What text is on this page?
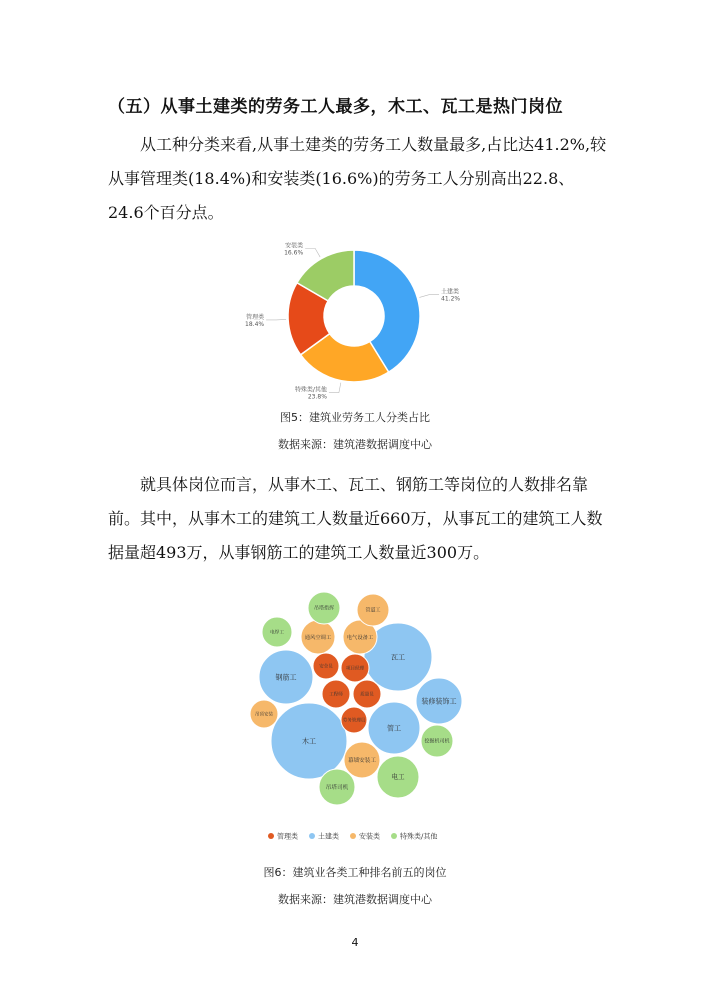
（五）从事土建类的劳务工人最多，木工、瓦工是热门岗位

从工种分类来看,从事土建类的劳务工人数量最多,占比达41.2%,较从事管理类(18.4%)和安装类(16.6%)的劳务工人分别高出22.8、24.6个百分点。

土建类
41.2%
特殊类/其他
23.8%
管理类
18.4%
安装类
16.6%
图5：建筑业劳务工人分类占比
数据来源：建筑港数据调度中心

就具体岗位而言，从事木工、瓦工、钢筋工等岗位的人数排名靠前。其中，从事木工的建筑工人数量近660万，从事瓦工的建筑工人数据量超493万，从事钢筋工的建筑工人数量近300万。

木工
瓦工
钢筋工
管工
装修装饰工
工程师	质量员
安全员	项目经理
劳务管理员
电气设备工
通风空调工
管道工
吊顶安装
幕墙安装工
吊塔指挥
电焊工
挖掘机司机
电工
吊塔司机
管理类	土建类	安装类	特殊类/其他
图6：建筑业各类工种排名前五的岗位
数据来源：建筑港数据调度中心
4
